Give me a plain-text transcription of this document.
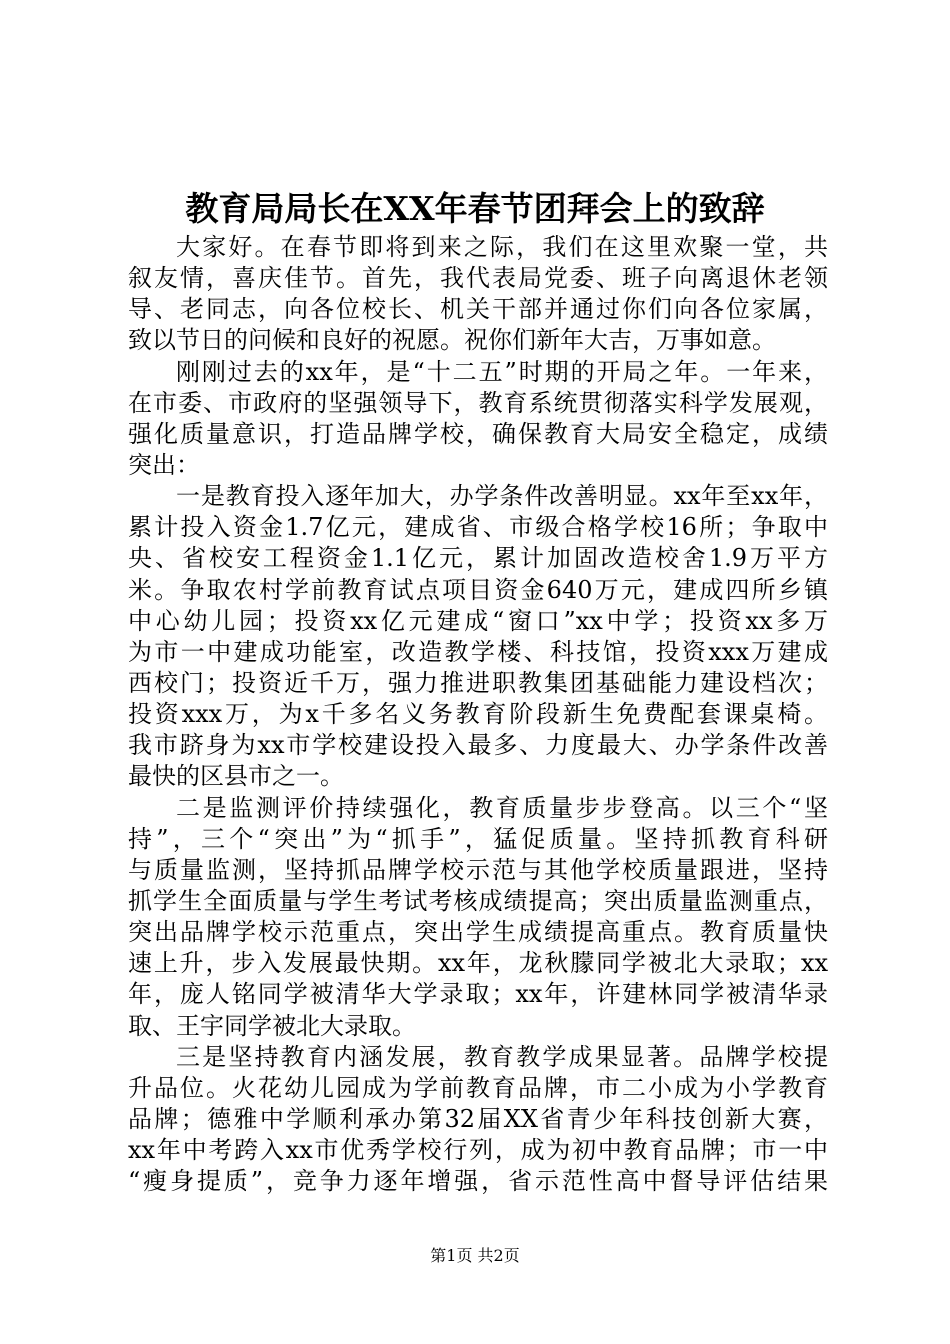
教育局局长在XX年春节团拜会上的致辞
大家好。在春节即将到来之际，我们在这里欢聚一堂，共
叙友情，喜庆佳节。首先，我代表局党委、班子向离退休老领
导、老同志，向各位校长、机关干部并通过你们向各位家属，
致以节日的问候和良好的祝愿。祝你们新年大吉，万事如意。
刚刚过去的xx年，是“十二五”时期的开局之年。一年来，
在市委、市政府的坚强领导下，教育系统贯彻落实科学发展观，
强化质量意识，打造品牌学校，确保教育大局安全稳定，成绩
突出：
一是教育投入逐年加大，办学条件改善明显。xx年至xx年，
累计投入资金1.7亿元，建成省、市级合格学校16所；争取中
央、省校安工程资金1.1亿元，累计加固改造校舍1.9万平方
米。争取农村学前教育试点项目资金640万元，建成四所乡镇
中心幼儿园；投资xx亿元建成“窗口”xx中学；投资xx多万
为市一中建成功能室，改造教学楼、科技馆，投资xxx万建成
西校门；投资近千万，强力推进职教集团基础能力建设档次；
投资xxx万，为x千多名义务教育阶段新生免费配套课桌椅。
我市跻身为xx市学校建设投入最多、力度最大、办学条件改善
最快的区县市之一。
二是监测评价持续强化，教育质量步步登高。以三个“坚
持”，三个“突出”为“抓手”，猛促质量。坚持抓教育科研
与质量监测，坚持抓品牌学校示范与其他学校质量跟进，坚持
抓学生全面质量与学生考试考核成绩提高；突出质量监测重点，
突出品牌学校示范重点，突出学生成绩提高重点。教育质量快
速上升，步入发展最快期。xx年，龙秋朦同学被北大录取；xx
年，庞人铭同学被清华大学录取；xx年，许建林同学被清华录
取、王宇同学被北大录取。
三是坚持教育内涵发展，教育教学成果显著。品牌学校提
升品位。火花幼儿园成为学前教育品牌，市二小成为小学教育
品牌；德雅中学顺利承办第32届XX省青少年科技创新大赛，
xx年中考跨入xx市优秀学校行列，成为初中教育品牌；市一中
“瘦身提质”，竞争力逐年增强，省示范性高中督导评估结果
第1页 共2页
